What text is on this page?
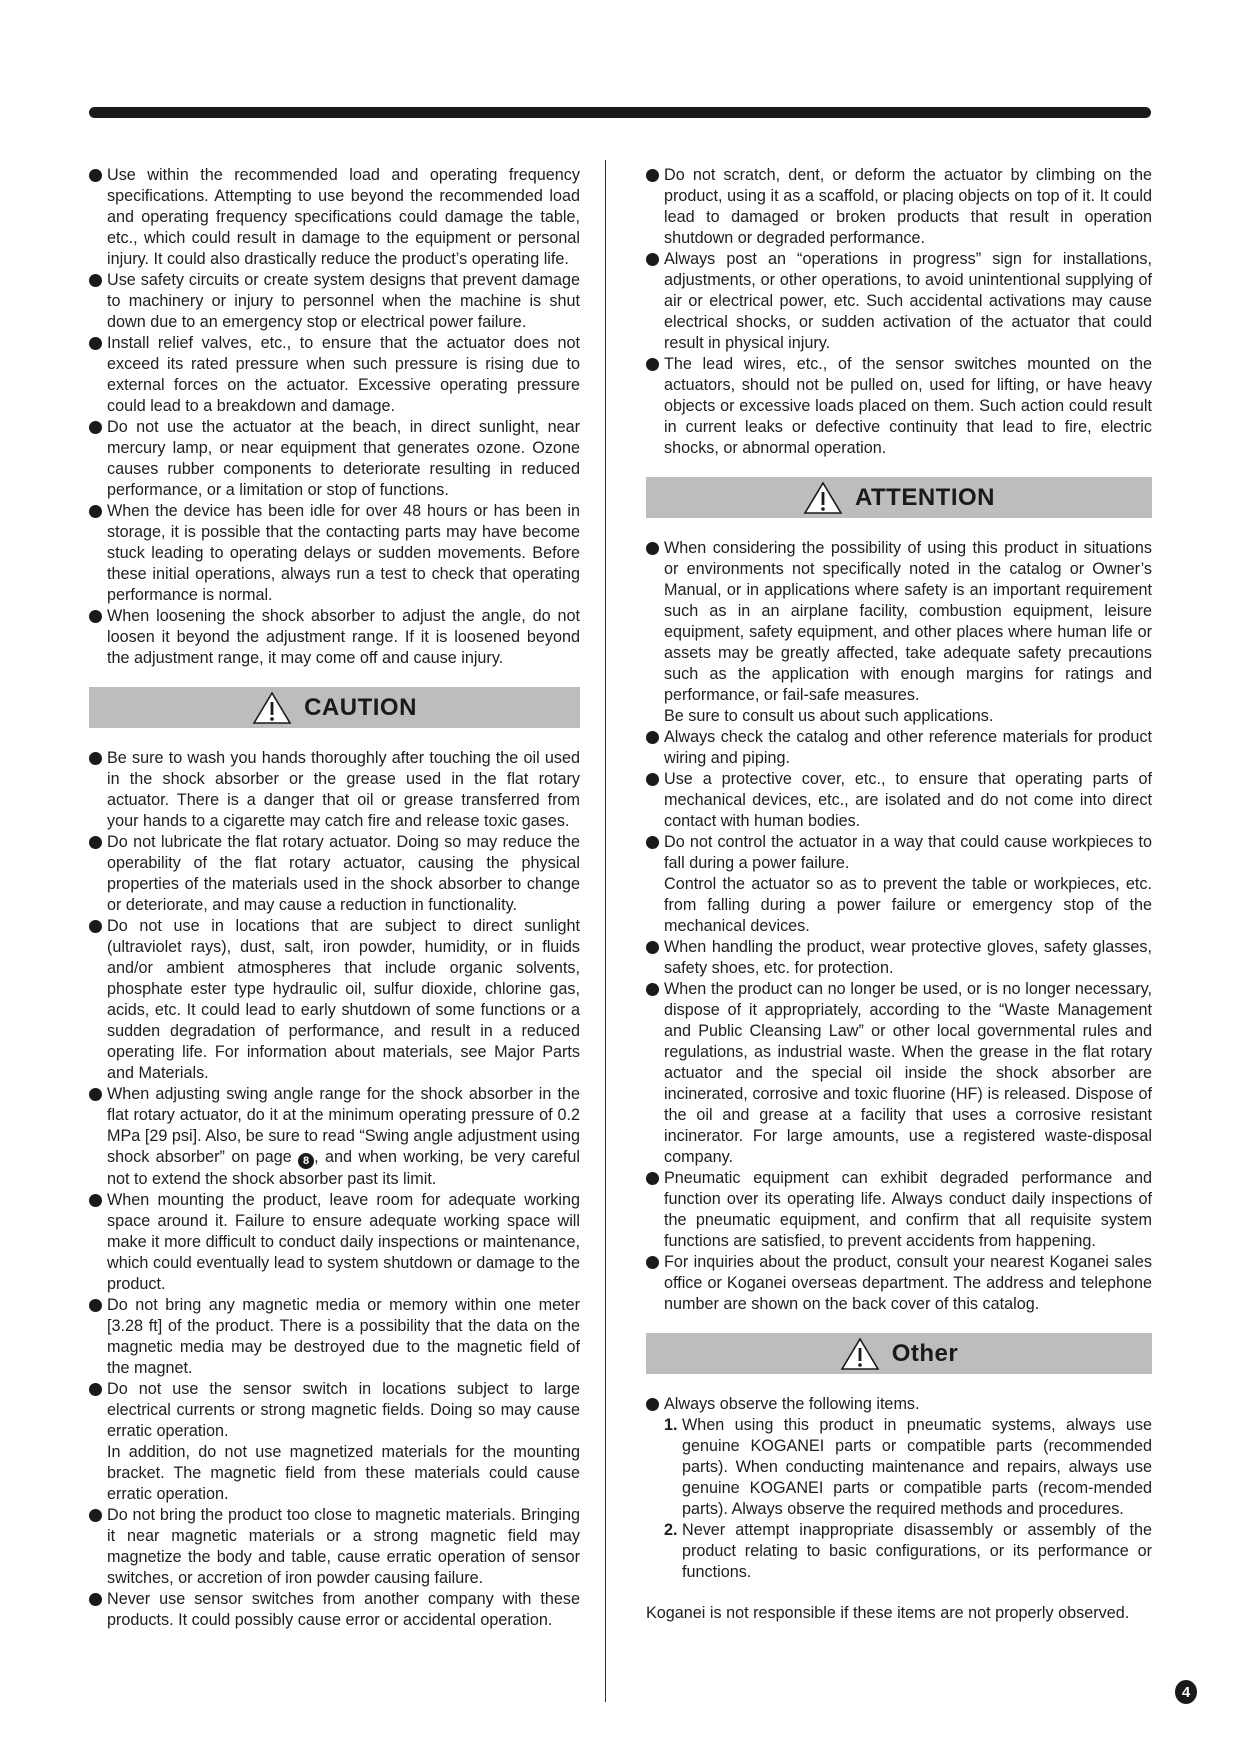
Use within the recommended load and operating frequency specifications. Attempting to use beyond the recommended load and operating frequency specifications could damage the table, etc., which could result in damage to the equipment or personal injury. It could also drastically reduce the product’s operating life.
Use safety circuits or create system designs that prevent damage to machinery or injury to personnel when the machine is shut down due to an emergency stop or electrical power failure.
Install relief valves, etc., to ensure that the actuator does not exceed its rated pressure when such pressure is rising due to external forces on the actuator. Excessive operating pressure could lead to a breakdown and damage.
Do not use the actuator at the beach, in direct sunlight, near mercury lamp, or near equipment that generates ozone. Ozone causes rubber components to deteriorate resulting in reduced performance, or a limitation or stop of functions.
When the device has been idle for over 48 hours or has been in storage, it is possible that the contacting parts may have become stuck leading to operating delays or sudden movements. Before these initial operations, always run a test to check that operating performance is normal.
When loosening the shock absorber to adjust the angle, do not loosen it beyond the adjustment range. If it is loosened beyond the adjustment range, it may come off and cause injury.
CAUTION
Be sure to wash you hands thoroughly after touching the oil used in the shock absorber or the grease used in the flat rotary actuator. There is a danger that oil or grease transferred from your hands to a cigarette may catch fire and release toxic gases.
Do not lubricate the flat rotary actuator. Doing so may reduce the operability of the flat rotary actuator, causing the physical properties of the materials used in the shock absorber to change or deteriorate, and may cause a reduction in functionality.
Do not use in locations that are subject to direct sunlight (ultraviolet rays), dust, salt, iron powder, humidity, or in fluids and/or ambient atmospheres that include organic solvents, phosphate ester type hydraulic oil, sulfur dioxide, chlorine gas, acids, etc. It could lead to early shutdown of some functions or a sudden degradation of performance, and result in a reduced operating life. For information about materials, see Major Parts and Materials.
When adjusting swing angle range for the shock absorber in the flat rotary actuator, do it at the minimum operating pressure of 0.2 MPa [29 psi]. Also, be sure to read “Swing angle adjustment using shock absorber” on page 8 , and when working, be very careful not to extend the shock absorber past its limit.
When mounting the product, leave room for adequate working space around it. Failure to ensure adequate working space will make it more difficult to conduct daily inspections or maintenance, which could eventually lead to system shutdown or damage to the product.
Do not bring any magnetic media or memory within one meter [3.28 ft] of the product. There is a possibility that the data on the magnetic media may be destroyed due to the magnetic field of the magnet.

Do not use the sensor switch in locations subject to large electrical currents or strong magnetic fields. Doing so may cause erratic operation.

In addition, do not use magnetized materials for the mounting bracket. The magnetic field from these materials could cause erratic operation.

Do not bring the product too close to magnetic materials. Bringing it near magnetic materials or a strong magnetic field may magnetize the body and table, cause erratic operation of sensor switches, or accretion of iron powder causing failure.
Never use sensor switches from another company with these products. It could possibly cause error or accidental operation.
Do not scratch, dent, or deform the actuator by climbing on the product, using it as a scaffold, or placing objects on top of it. It could lead to damaged or broken products that result in operation shutdown or degraded performance.
Always post an “operations in progress” sign for installations, adjustments, or other operations, to avoid unintentional supplying of air or electrical power, etc. Such accidental activations may cause electrical shocks, or sudden activation of the actuator that could result in physical injury.
The lead wires, etc., of the sensor switches mounted on the actuators, should not be pulled on, used for lifting, or have heavy objects or excessive loads placed on them. Such action could result in current leaks or defective continuity that lead to fire, electric shocks, or abnormal operation.
ATTENTION

When considering the possibility of using this product in situations or environments not specifically noted in the catalog or Owner’s Manual, or in applications where safety is an important requirement such as in an airplane facility, combustion equipment, leisure equipment, safety equipment, and other places where human life or assets may be greatly affected, take adequate safety precautions such as the application with enough margins for ratings and performance, or fail-safe measures.

Be sure to consult us about such applications.

Always check the catalog and other reference materials for product wiring and piping.
Use a protective cover, etc., to ensure that operating parts of mechanical devices, etc., are isolated and do not come into direct contact with human bodies.

Do not control the actuator in a way that could cause workpieces to fall during a power failure.

Control the actuator so as to prevent the table or workpieces, etc. from falling during a power failure or emergency stop of the mechanical devices.

When handling the product, wear protective gloves, safety glasses, safety shoes, etc. for protection.
When the product can no longer be used, or is no longer necessary, dispose of it appropriately, according to the “Waste Management and Public Cleansing Law” or other local governmental rules and regulations, as industrial waste. When the grease in the flat rotary actuator and the special oil inside the shock absorber are incinerated, corrosive and toxic fluorine (HF) is released. Dispose of the oil and grease at a facility that uses a corrosive resistant incinerator. For large amounts, use a registered waste-disposal company.
Pneumatic equipment can exhibit degraded performance and function over its operating life. Always conduct daily inspections of the pneumatic equipment, and confirm that all requisite system functions are satisfied, to prevent accidents from happening.
For inquiries about the product, consult your nearest Koganei sales office or Koganei overseas department. The address and telephone number are shown on the back cover of this catalog.
Other

Always observe the following items.

1. When using this product in pneumatic systems, always use genuine KOGANEI parts or compatible parts (recommended parts). When conducting maintenance and repairs, always use genuine KOGANEI parts or compatible parts (recom-mended parts). Always observe the required methods and procedures.
2. Never attempt inappropriate disassembly or assembly of the product relating to basic configurations, or its performance or functions.
Koganei is not responsible if these items are not properly observed.
4
